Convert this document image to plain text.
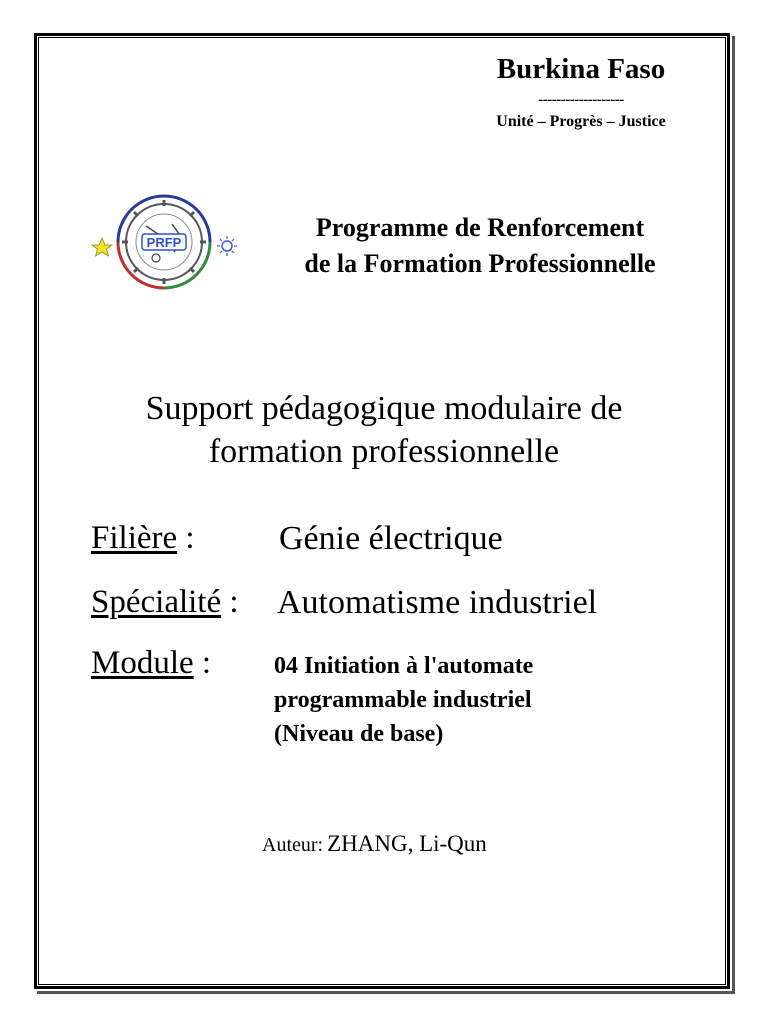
Burkina Faso
-------------------
Unité – Progrès – Justice
PRFP
Programme de Renforcement
de la Formation Professionnelle
Support pédagogique modulaire de
formation professionnelle
Filière : Génie électrique
Spécialité : Automatisme industriel
Module :	04 Initiation à l'automate
programmable industriel
(Niveau de base)
Auteur: ZHANG, Li-Qun
